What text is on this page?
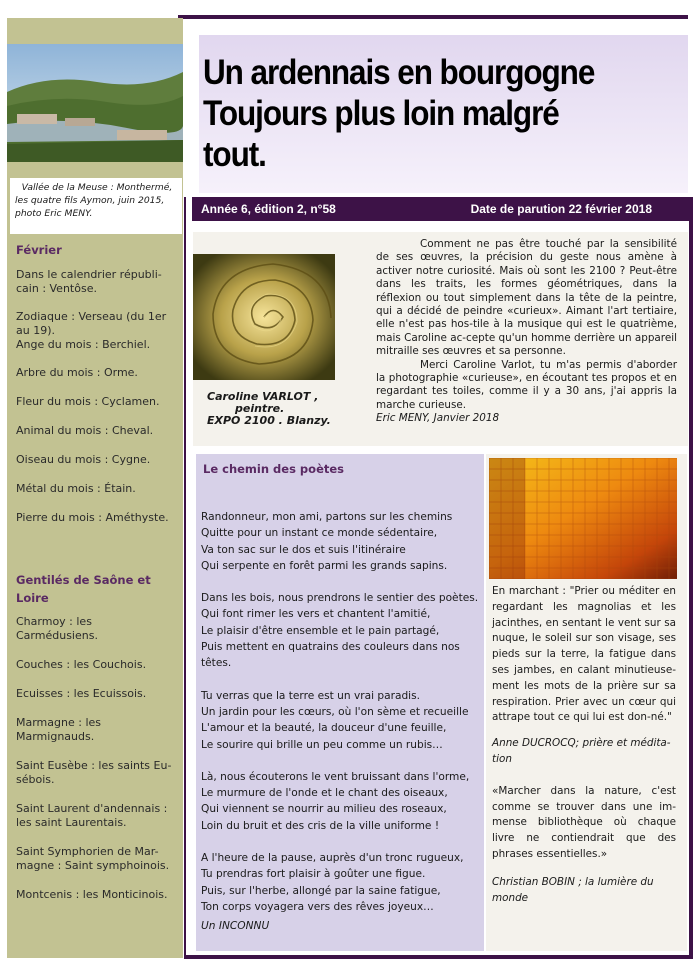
Vallée de la Meuse : Monthermé,
les quatre fils Aymon, juin 2015,
photo Eric MENY.
Février
Dans le calendrier républi-cain : Ventôse.
Zodiaque : Verseau (du 1er au 19).
Ange du mois : Berchiel.
Arbre du mois : Orme.
Fleur du mois : Cyclamen.
Animal du mois : Cheval.
Oiseau du mois : Cygne.
Métal du mois : Étain.
Pierre du mois : Améthyste.
Gentilés de Saône et Loire
Charmoy : les Carmédusiens.
Couches : les Couchois.
Ecuisses : les Ecuissois.
Marmagne : les Marmignauds.
Saint Eusèbe : les saints Eu-sébois.
Saint Laurent d'andennais : les saint Laurentais.
Saint Symphorien de Mar-magne : Saint symphoinois.
Montcenis : les Monticinois.
Un ardennais en bourgogne
Toujours plus loin malgré
tout.
Année 6, édition 2, n°58	Date de parution 22 février 2018
Caroline VARLOT ,
peintre.
EXPO 2100 . Blanzy.

Comment ne pas être touché par la sensibilité de ses œuvres, la précision du geste nous amène à activer notre curiosité. Mais où sont les 2100 ? Peut-être dans les traits, les formes géométriques, dans la réflexion ou tout simplement dans la tête de la peintre, qui a décidé de peindre «curieux». Aimant l'art tertiaire, elle n'est pas hos-tile à la musique qui est le quatrième, mais Caroline ac-cepte qu'un homme derrière un appareil mitraille ses œuvres et sa personne.

Merci Caroline Varlot, tu m'as permis d'aborder la photographie «curieuse», en écoutant tes propos et en regardant tes toiles, comme il y a 30 ans, j'ai appris la marche curieuse.

Eric MENY, Janvier 2018

Le chemin des poètes
Randonneur, mon ami, partons sur les chemins
Quitte pour un instant ce monde sédentaire,
Va ton sac sur le dos et suis l'itinéraire
Qui serpente en forêt parmi les grands sapins.
Dans les bois, nous prendrons le sentier des poètes.
Qui font rimer les vers et chantent l'amitié,
Le plaisir d'être ensemble et le pain partagé,
Puis mettent en quatrains des couleurs dans nos têtes.
Tu verras que la terre est un vrai paradis.
Un jardin pour les cœurs, où l'on sème et recueille
L'amour et la beauté, la douceur d'une feuille,
Le sourire qui brille un peu comme un rubis…
Là, nous écouterons le vent bruissant dans l'orme,
Le murmure de l'onde et le chant des oiseaux,
Qui viennent se nourrir au milieu des roseaux,
Loin du bruit et des cris de la ville uniforme !
A l'heure de la pause, auprès d'un tronc rugueux,
Tu prendras fort plaisir à goûter une figue.
Puis, sur l'herbe, allongé par la saine fatigue,
Ton corps voyagera vers des rêves joyeux…
Un INCONNU

En marchant : "Prier ou méditer en regardant les magnolias et les jacinthes, en sentant le vent sur sa nuque, le soleil sur son visage, ses pieds sur la terre, la fatigue dans ses jambes, en calant minutieuse-ment les mots de la prière sur sa respiration. Prier avec un cœur qui attrape tout ce qui lui est don-né."

Anne DUCROCQ; prière et médita-tion

«Marcher dans la nature, c'est comme se trouver dans une im-mense bibliothèque où chaque livre ne contiendrait que des phrases essentielles.»

Christian BOBIN ; la lumière du monde
